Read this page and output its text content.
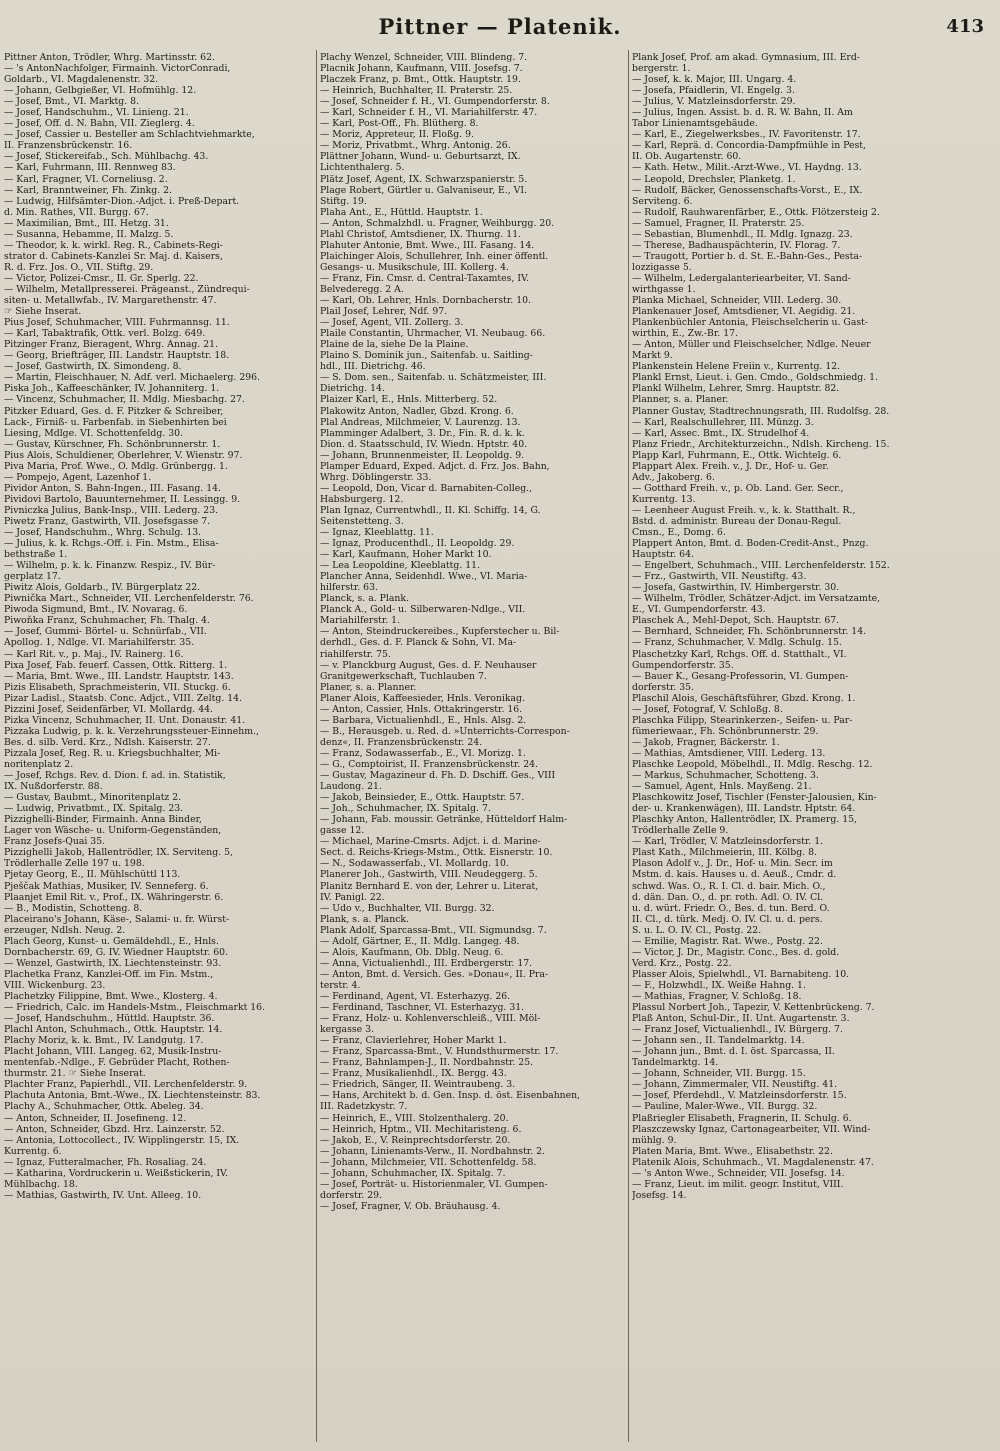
Pittner — Platenik.	413
Pittner Anton, Trödler, Whrg. Martinsstr. 62.
— 's AntonNachfolger, Firmainh. VictorConradi,
Goldarb., VI. Magdalenenstr. 32.
— Johann, Gelbgießer, VI. Hofmühlg. 12.
— Josef, Bmt., VI. Marktg. 8.
— Josef, Handschuhm., VI. Linieng. 21.
— Josef, Off. d. N. Bahn, VII. Zieglerg. 4.
— Josef, Cassier u. Besteller am Schlachtviehmarkte,
II. Franzensbrückenstr. 16.
— Josef, Stickereifab., Sch. Mühlbachg. 43.
— Karl, Fuhrmann, III. Rennweg 83.
— Karl, Fragner, VI. Corneliusg. 2.
— Karl, Branntweiner, Fh. Zinkg. 2.
— Ludwig, Hilfsämter-Dion.-Adjct. i. Preß-Depart.
d. Min. Rathes, VII. Burgg. 67.
— Maximilian, Bmt., III. Hetzg. 31.
— Susanna, Hebamme, II. Malzg. 5.
— Theodor, k. k. wirkl. Reg. R., Cabinets-Regi-
strator d. Cabinets-Kanzlei Sr. Maj. d. Kaisers,
R. d. Frz. Jos. O., VII. Stiftg. 29.
— Victor, Polizei-Cmsr., II. Gr. Sperlg. 22.
— Wilhelm, Metallpresserei. Prägeanst., Zündrequi-
siten- u. Metallwfab., IV. Margarethenstr. 47.
☞ Siehe Inserat.
Pius Josef, Schuhmacher, VIII. Fuhrmannsg. 11.
— Karl, Tabaktrafik, Ottk. verl. Bolzg. 649.
Pitzinger Franz, Bieragent, Whrg. Annag. 21.
— Georg, Briefträger, III. Landstr. Hauptstr. 18.
— Josef, Gastwirth, IX. Simondeng. 8.
— Martin, Fleischhauer, N. Adf. verl. Michaelerg. 296.
Piska Joh., Kaffeeschänker, IV. Johanniterg. 1.
— Vincenz, Schuhmacher, II. Mdlg. Miesbachg. 27.
Pitzker Eduard, Ges. d. F. Pitzker & Schreiber,
Lack-, Firniß- u. Farbenfab. in Siebenhirten bei
Liesing, Mdlge. VI. Schottenfeldg. 30.
— Gustav, Kürschner, Fh. Schönbrunnerstr. 1.
Pius Alois, Schuldiener, Oberlehrer, V. Wienstr. 97.
Piva Maria, Prof. Wwe., O. Mdlg. Grünbergg. 1.
— Pompejo, Agent, Lazenhof 1.
Pividor Anton, S. Bahn-Ingen., III. Fasang. 14.
Pividovi Bartolo, Bauunternehmer, II. Lessingg. 9.
Pivniczka Julius, Bank-Insp., VIII. Lederg. 23.
Piwetz Franz, Gastwirth, VII. Josefsgasse 7.
— Josef, Handschuhm., Whrg. Schulg. 13.
— Julius, k. k. Rchgs.-Off. i. Fin. Mstm., Elisa-
bethstraße 1.
— Wilhelm, p. k. k. Finanzw. Respiz., IV. Bür-
gerplatz 17.
Piwitz Alois, Goldarb., IV. Bürgerplatz 22.
Piwnička Mart., Schneider, VII. Lerchenfelderstr. 76.
Piwoda Sigmund, Bmt., IV. Novarag. 6.
Piwoňka Franz, Schuhmacher, Fh. Thalg. 4.
— Josef, Gummi- Börtel- u. Schnürfab., VII.
Apollog. 1, Ndlge. VI. Mariahilferstr. 35.
— Karl Rit. v., p. Maj., IV. Rainerg. 16.
Pixa Josef, Fab. feuerf. Cassen, Ottk. Ritterg. 1.
— Maria, Bmt. Wwe., III. Landstr. Hauptstr. 143.
Pizis Elisabeth, Sprachmeisterin, VII. Stuckg. 6.
Pizar Ladisl., Staatsb. Conc. Adjct., VIII. Zeltg. 14.
Pizzini Josef, Seidenfärber, VI. Mollardg. 44.
Pizka Vincenz, Schuhmacher, II. Unt. Donaustr. 41.
Pizzaka Ludwig, p. k. k. Verzehrungssteuer-Einnehm.,
Bes. d. silb. Verd. Krz., Ndlsh. Kaiserstr. 27.
Pizzala Josef, Reg. R. u. Kriegsbuchhalter, Mi-
noritenplatz 2.
— Josef, Rchgs. Rev. d. Dion. f. ad. in. Statistik,
IX. Nußdorferstr. 88.
— Gustav, Baubmt., Minoritenplatz 2.
— Ludwig, Privatbmt., IX. Spitalg. 23.
Pizzighelli-Binder, Firmainh. Anna Binder,
Lager von Wäsche- u. Uniform-Gegenständen,
Franz Josefs-Quai 35.
Pizzighelli Jakob, Hallentrödler, IX. Serviteng. 5,
Trödlerhalle Zelle 197 u. 198.
Pjetay Georg, E., II. Mühlschüttl 113.
Pješčak Mathias, Musiker, IV. Senneferg. 6.
Plaanjet Emil Rit. v., Prof., IX. Währingerstr. 6.
— B., Modistin, Schotteng. 8.
Placeirano's Johann, Käse-, Salami- u. fr. Würst-
erzeuger, Ndlsh. Neug. 2.
Plach Georg, Kunst- u. Gemäldehdl., E., Hnls.
Dornbacherstr. 69, G. IV. Wiedner Hauptstr. 60.
— Wenzel, Gastwirth, IX. Liechtensteinstr. 93.
Plachetka Franz, Kanzlei-Off. im Fin. Mstm.,
VIII. Wickenburg. 23.
Plachetzky Filippine, Bmt. Wwe., Klosterg. 4.
— Friedrich, Calc. im Handels-Mstm., Fleischmarkt 16.
— Josef, Handschuhm., Hüttld. Hauptstr. 36.
Plachl Anton, Schuhmach., Ottk. Hauptstr. 14.
Plachy Moriz, k. k. Bmt., IV. Landgutg. 17.
Placht Johann, VIII. Langeg. 62, Musik-Instru-
mentenfab.-Ndlge., F. Gebrüder Placht, Rothen-
thurmstr. 21. ☞ Siehe Inserat.
Plachter Franz, Papierhdl., VII. Lerchenfelderstr. 9.
Plachuta Antonia, Bmt.-Wwe., IX. Liechtensteinstr. 83.
Plachy A., Schuhmacher, Ottk. Abeleg. 34.
— Anton, Schneider, II. Josefineng. 12.
— Anton, Schneider, Gbzd. Hrz. Lainzerstr. 52.
— Antonia, Lottocollect., IV. Wipplingerstr. 15, IX.
Kurrentg. 6.
— Ignaz, Futteralmacher, Fh. Rosaliag. 24.
— Katharina, Vordruckerin u. Weißstickerin, IV.
Mühlbachg. 18.
— Mathias, Gastwirth, IV. Unt. Alleeg. 10.
Plachy Wenzel, Schneider, VIII. Blindeng. 7.
Placnik Johann, Kaufmann, VIII. Josefsg. 7.
Placzek Franz, p. Bmt., Ottk. Hauptstr. 19.
— Heinrich, Buchhalter, II. Praterstr. 25.
— Josef, Schneider f. H., VI. Gumpendorferstr. 8.
— Karl, Schneider f. H., VI. Mariahilferstr. 47.
— Karl, Post-Off., Fh. Blütherg. 8.
— Moriz, Appreteur, II. Floßg. 9.
— Moriz, Privatbmt., Whrg. Antonig. 26.
Plättner Johann, Wund- u. Geburtsarzt, IX.
Lichtenthalerg. 5.
Plätz Josef, Agent, IX. Schwarzspanierstr. 5.
Plage Robert, Gürtler u. Galvaniseur, E., VI.
Stiftg. 19.
Plaha Ant., E., Hüttld. Hauptstr. 1.
— Anton, Schmalzhdl. u. Fragner, Weihburgg. 20.
Plahl Christof, Amtsdiener, IX. Thurng. 11.
Plahuter Antonie, Bmt. Wwe., III. Fasang. 14.
Plaichinger Alois, Schullehrer, Inh. einer öffentl.
Gesangs- u. Musikschule, III. Kollerg. 4.
— Franz, Fin. Cmsr. d. Central-Taxamtes, IV.
Belvederegg. 2 A.
— Karl, Ob. Lehrer, Hnls. Dornbacherstr. 10.
Plail Josef, Lehrer, Ndf. 97.
— Josef, Agent, VII. Zollerg. 3.
Plaile Constantin, Uhrmacher, VI. Neubaug. 66.
Plaine de la, siehe De la Plaine.
Plaino S. Dominik jun., Saitenfab. u. Saitling-
hdl., III. Dietrichg. 46.
— S. Dom. sen., Saitenfab. u. Schätzmeister, III.
Dietrichg. 14.
Plaizer Karl, E., Hnls. Mitterberg. 52.
Plakowitz Anton, Nadler, Gbzd. Krong. 6.
Plal Andreas, Milchmeier, V. Laurenzg. 13.
Plamminger Adalbert, 3. Dr., Fin. R. d. k. k.
Dion. d. Staatsschuld, IV. Wiedn. Hptstr. 40.
— Johann, Brunnenmeister, II. Leopoldg. 9.
Plamper Eduard, Exped. Adjct. d. Frz. Jos. Bahn,
Whrg. Döblingerstr. 33.
— Leopold, Don, Vicar d. Barnabiten-Colleg.,
Habsburgerg. 12.
Plan Ignaz, Currentwhdl., II. Kl. Schiffg. 14, G.
Seitenstetteng. 3.
— Ignaz, Kleeblattg. 11.
— Ignaz, Producenthdl., II. Leopoldg. 29.
— Karl, Kaufmann, Hoher Markt 10.
— Lea Leopoldine, Kleeblattg. 11.
Plancher Anna, Seidenhdl. Wwe., VI. Maria-
hilferstr. 63.
Planck, s. a. Plank.
Planck A., Gold- u. Silberwaren-Ndlge., VII.
Mariahilferstr. 1.
— Anton, Steindruckereibes., Kupferstecher u. Bil-
derhdl., Ges. d. F. Planck & Sohn, VI. Ma-
riahilferstr. 75.
— v. Planckburg August, Ges. d. F. Neuhauser
Granitgewerkschaft, Tuchlauben 7.
Planer, s. a. Planner.
Planer Alois, Kaffeesieder, Hnls. Veronikag.
— Anton, Cassier, Hnls. Ottakringerstr. 16.
— Barbara, Victualienhdl., E., Hnls. Alsg. 2.
— B., Herausgeb. u. Red. d. »Unterrichts-Correspon-
denz«, II. Franzensbrückenstr. 24.
— Franz, Sodawasserfab., E., VI. Morizg. 1.
— G., Comptoirist, II. Franzensbrückenstr. 24.
— Gustav, Magazineur d. Fh. D. Dschiff. Ges., VIII
Laudong. 21.
— Jakob, Beinsieder, E., Ottk. Hauptstr. 57.
— Joh., Schuhmacher, IX. Spitalg. 7.
— Johann, Fab. moussir. Getränke, Hütteldorf Halm-
gasse 12.
— Michael, Marine-Cmsrts. Adjct. i. d. Marine-
Sect. d. Reichs-Kriegs-Mstm., Ottk. Eisnerstr. 10.
— N., Sodawasserfab., VI. Mollardg. 10.
Planerer Joh., Gastwirth, VIII. Neudeggerg. 5.
Planitz Bernhard E. von der, Lehrer u. Literat,
IV. Panigl. 22.
— Udo v., Buchhalter, VII. Burgg. 32.
Plank, s. a. Planck.
Plank Adolf, Sparcassa-Bmt., VII. Sigmundsg. 7.
— Adolf, Gärtner, E., II. Mdlg. Langeg. 48.
— Alois, Kaufmann, Ob. Dblg. Neug. 6.
— Anna, Victualienhdl., III. Erdbergerstr. 17.
— Anton, Bmt. d. Versich. Ges. »Donau«, II. Pra-
terstr. 4.
— Ferdinand, Agent, VI. Esterhazyg. 26.
— Ferdinand, Taschner, VI. Esterhazyg. 31.
— Franz, Holz- u. Kohlenverschleiß., VIII. Möl-
kergasse 3.
— Franz, Clavierlehrer, Hoher Markt 1.
— Franz, Sparcassa-Bmt., V. Hundsthurmerstr. 17.
— Franz, Bahnlampen-J., II. Nordbahnstr. 25.
— Franz, Musikalienhdl., IX. Bergg. 43.
— Friedrich, Sänger, II. Weintraubeng. 3.
— Hans, Architekt b. d. Gen. Insp. d. öst. Eisenbahnen,
III. Radetzkystr. 7.
— Heinrich, E., VIII. Stolzenthalerg. 20.
— Heinrich, Hptm., VII. Mechitaristeng. 6.
— Jakob, E., V. Reinprechtsdorferstr. 20.
— Johann, Linienamts-Verw., II. Nordbahnstr. 2.
— Johann, Milchmeier, VII. Schottenfeldg. 58.
— Johann, Schuhmacher, IX. Spitalg. 7.
— Josef, Porträt- u. Historienmaler, VI. Gumpen-
dorferstr. 29.
— Josef, Fragner, V. Ob. Bräuhausg. 4.
Plank Josef, Prof. am akad. Gymnasium, III. Erd-
bergerstr. 1.
— Josef, k. k. Major, III. Ungarg. 4.
— Josefa, Pfaidlerin, VI. Engelg. 3.
— Julius, V. Matzleinsdorferstr. 29.
— Julius, Ingen. Assist. b. d. R. W. Bahn, II. Am
Tabor Linienamtsgebäude.
— Karl, E., Ziegelwerksbes., IV. Favoritenstr. 17.
— Karl, Reprä. d. Concordia-Dampfmühle in Pest,
II. Ob. Augartenstr. 60.
— Kath. Hetw., Milit.-Arzt-Wwe., VI. Haydng. 13.
— Leopold, Drechsler, Planketg. 1.
— Rudolf, Bäcker, Genossenschafts-Vorst., E., IX.
Serviteng. 6.
— Rudolf, Rauhwarenfärber, E., Ottk. Flötzersteig 2.
— Samuel, Fragner, II. Praterstr. 25.
— Sebastian, Blumenhdl., II. Mdlg. Ignazg. 23.
— Therese, Badhauspächterin, IV. Florag. 7.
— Traugott, Portier b. d. St. E.-Bahn-Ges., Pesta-
lozzigasse 5.
— Wilhelm, Ledergalanteriearbeiter, VI. Sand-
wirthgasse 1.
Planka Michael, Schneider, VIII. Lederg. 30.
Plankenauer Josef, Amtsdiener, VI. Aegidig. 21.
Plankenbüchler Antonia, Fleischselcherin u. Gast-
wirthin, E., Zw.-Br. 17.
— Anton, Müller und Fleischselcher, Ndlge. Neuer
Markt 9.
Plankenstein Helene Freiin v., Kurrentg. 12.
Plankl Ernst, Lieut. i. Gen. Cmdo., Goldschmiedg. 1.
Plankl Wilhelm, Lehrer, Smrg. Hauptstr. 82.
Planner, s. a. Planer.
Planner Gustav, Stadtrechnungsrath, III. Rudolfsg. 28.
— Karl, Realschullehrer, III. Münzg. 3.
— Karl, Assec. Bmt., IX. Strudelhof 4.
Planz Friedr., Architekturzeichn., Ndlsh. Kircheng. 15.
Plapp Karl, Fuhrmann, E., Ottk. Wichtelg. 6.
Plappart Alex. Freih. v., J. Dr., Hof- u. Ger.
Adv., Jakoberg. 6.
— Gotthard Freih. v., p. Ob. Land. Ger. Secr.,
Kurrentg. 13.
— Leenheer August Freih. v., k. k. Statthalt. R.,
Bstd. d. administr. Bureau der Donau-Regul.
Cmsn., E., Domg. 6.
Plappert Anton, Bmt. d. Boden-Credit-Anst., Pnzg.
Hauptstr. 64.
— Engelbert, Schuhmach., VIII. Lerchenfelderstr. 152.
— Frz., Gastwirth, VII. Neustiftg. 43.
— Josefa, Gastwirthin, IV. Himbergerstr. 30.
— Wilhelm, Trödler, Schätzer-Adjct. im Versatzamte,
E., VI. Gumpendorferstr. 43.
Plaschek A., Mehl-Depot, Sch. Hauptstr. 67.
— Bernhard, Schneider, Fh. Schönbrunnerstr. 14.
— Franz, Schuhmacher, V. Mdlg. Schulg. 15.
Plaschetzky Karl, Rchgs. Off. d. Statthalt., VI.
Gumpendorferstr. 35.
— Bauer K., Gesang-Professorin, VI. Gumpen-
dorferstr. 35.
Plaschil Alois, Geschäftsführer, Gbzd. Krong. 1.
— Josef, Fotograf, V. Schloßg. 8.
Plaschka Filipp, Stearinkerzen-, Seifen- u. Par-
fümeriewaar., Fh. Schönbrunnerstr. 29.
— Jakob, Fragner, Bäckerstr. 1.
— Mathias, Amtsdiener, VIII. Lederg. 13.
Plaschke Leopold, Möbelhdl., II. Mdlg. Reschg. 12.
— Markus, Schuhmacher, Schotteng. 3.
— Samuel, Agent, Hnls. Mayßeng. 21.
Plaschkowitz Josef, Tischler (Fenster-Jalousien, Kin-
der- u. Krankenwägen), III. Landstr. Hptstr. 64.
Plaschky Anton, Hallentrödler, IX. Pramerg. 15,
Trödlerhalle Zelle 9.
— Karl, Trödler, V. Matzleinsdorferstr. 1.
Plast Kath., Milchmeierin, III. Kölbg. 8.
Plason Adolf v., J. Dr., Hof- u. Min. Secr. im
Mstm. d. kais. Hauses u. d. Aeuß., Cmdr. d.
schwd. Was. O., R. I. Cl. d. bair. Mich. O.,
d. dän. Dan. O., d. pr. roth. Adl. O. IV. Cl.
u. d. würt. Friedr. O., Bes. d. tun. Berd. O.
II. Cl., d. türk. Medj. O. IV. Cl. u. d. pers.
S. u. L. O. IV. Cl., Postg. 22.
— Emilie, Magistr. Rat. Wwe., Postg. 22.
— Victor, J. Dr., Magistr. Conc., Bes. d. gold.
Verd. Krz., Postg. 22.
Plasser Alois, Spielwhdl., VI. Barnabiteng. 10.
— F., Holzwhdl., IX. Weiße Hahng. 1.
— Mathias, Fragner, V. Schloßg. 18.
Plassul Norbert Joh., Tapezir, V. Kettenbrückeng. 7.
Plaß Anton, Schul-Dir., II. Unt. Augartenstr. 3.
— Franz Josef, Victualienhdl., IV. Bürgerg. 7.
— Johann sen., II. Tandelmarktg. 14.
— Johann jun., Bmt. d. I. öst. Sparcassa, II.
Tandelmarktg. 14.
— Johann, Schneider, VII. Burgg. 15.
— Johann, Zimmermaler, VII. Neustiftg. 41.
— Josef, Pferdehdl., V. Matzleinsdorferstr. 15.
— Pauline, Maler-Wwe., VII. Burgg. 32.
Plaßriegler Elisabeth, Fragnerin, II. Schulg. 6.
Plaszczewsky Ignaz, Cartonagearbeiter, VII. Wind-
mühlg. 9.
Platen Maria, Bmt. Wwe., Elisabethstr. 22.
Platenik Alois, Schuhmach., VI. Magdalenenstr. 47.
— 's Anton Wwe., Schneider, VII. Josefsg. 14.
— Franz, Lieut. im milit. geogr. Institut, VIII.
Josefsg. 14.
